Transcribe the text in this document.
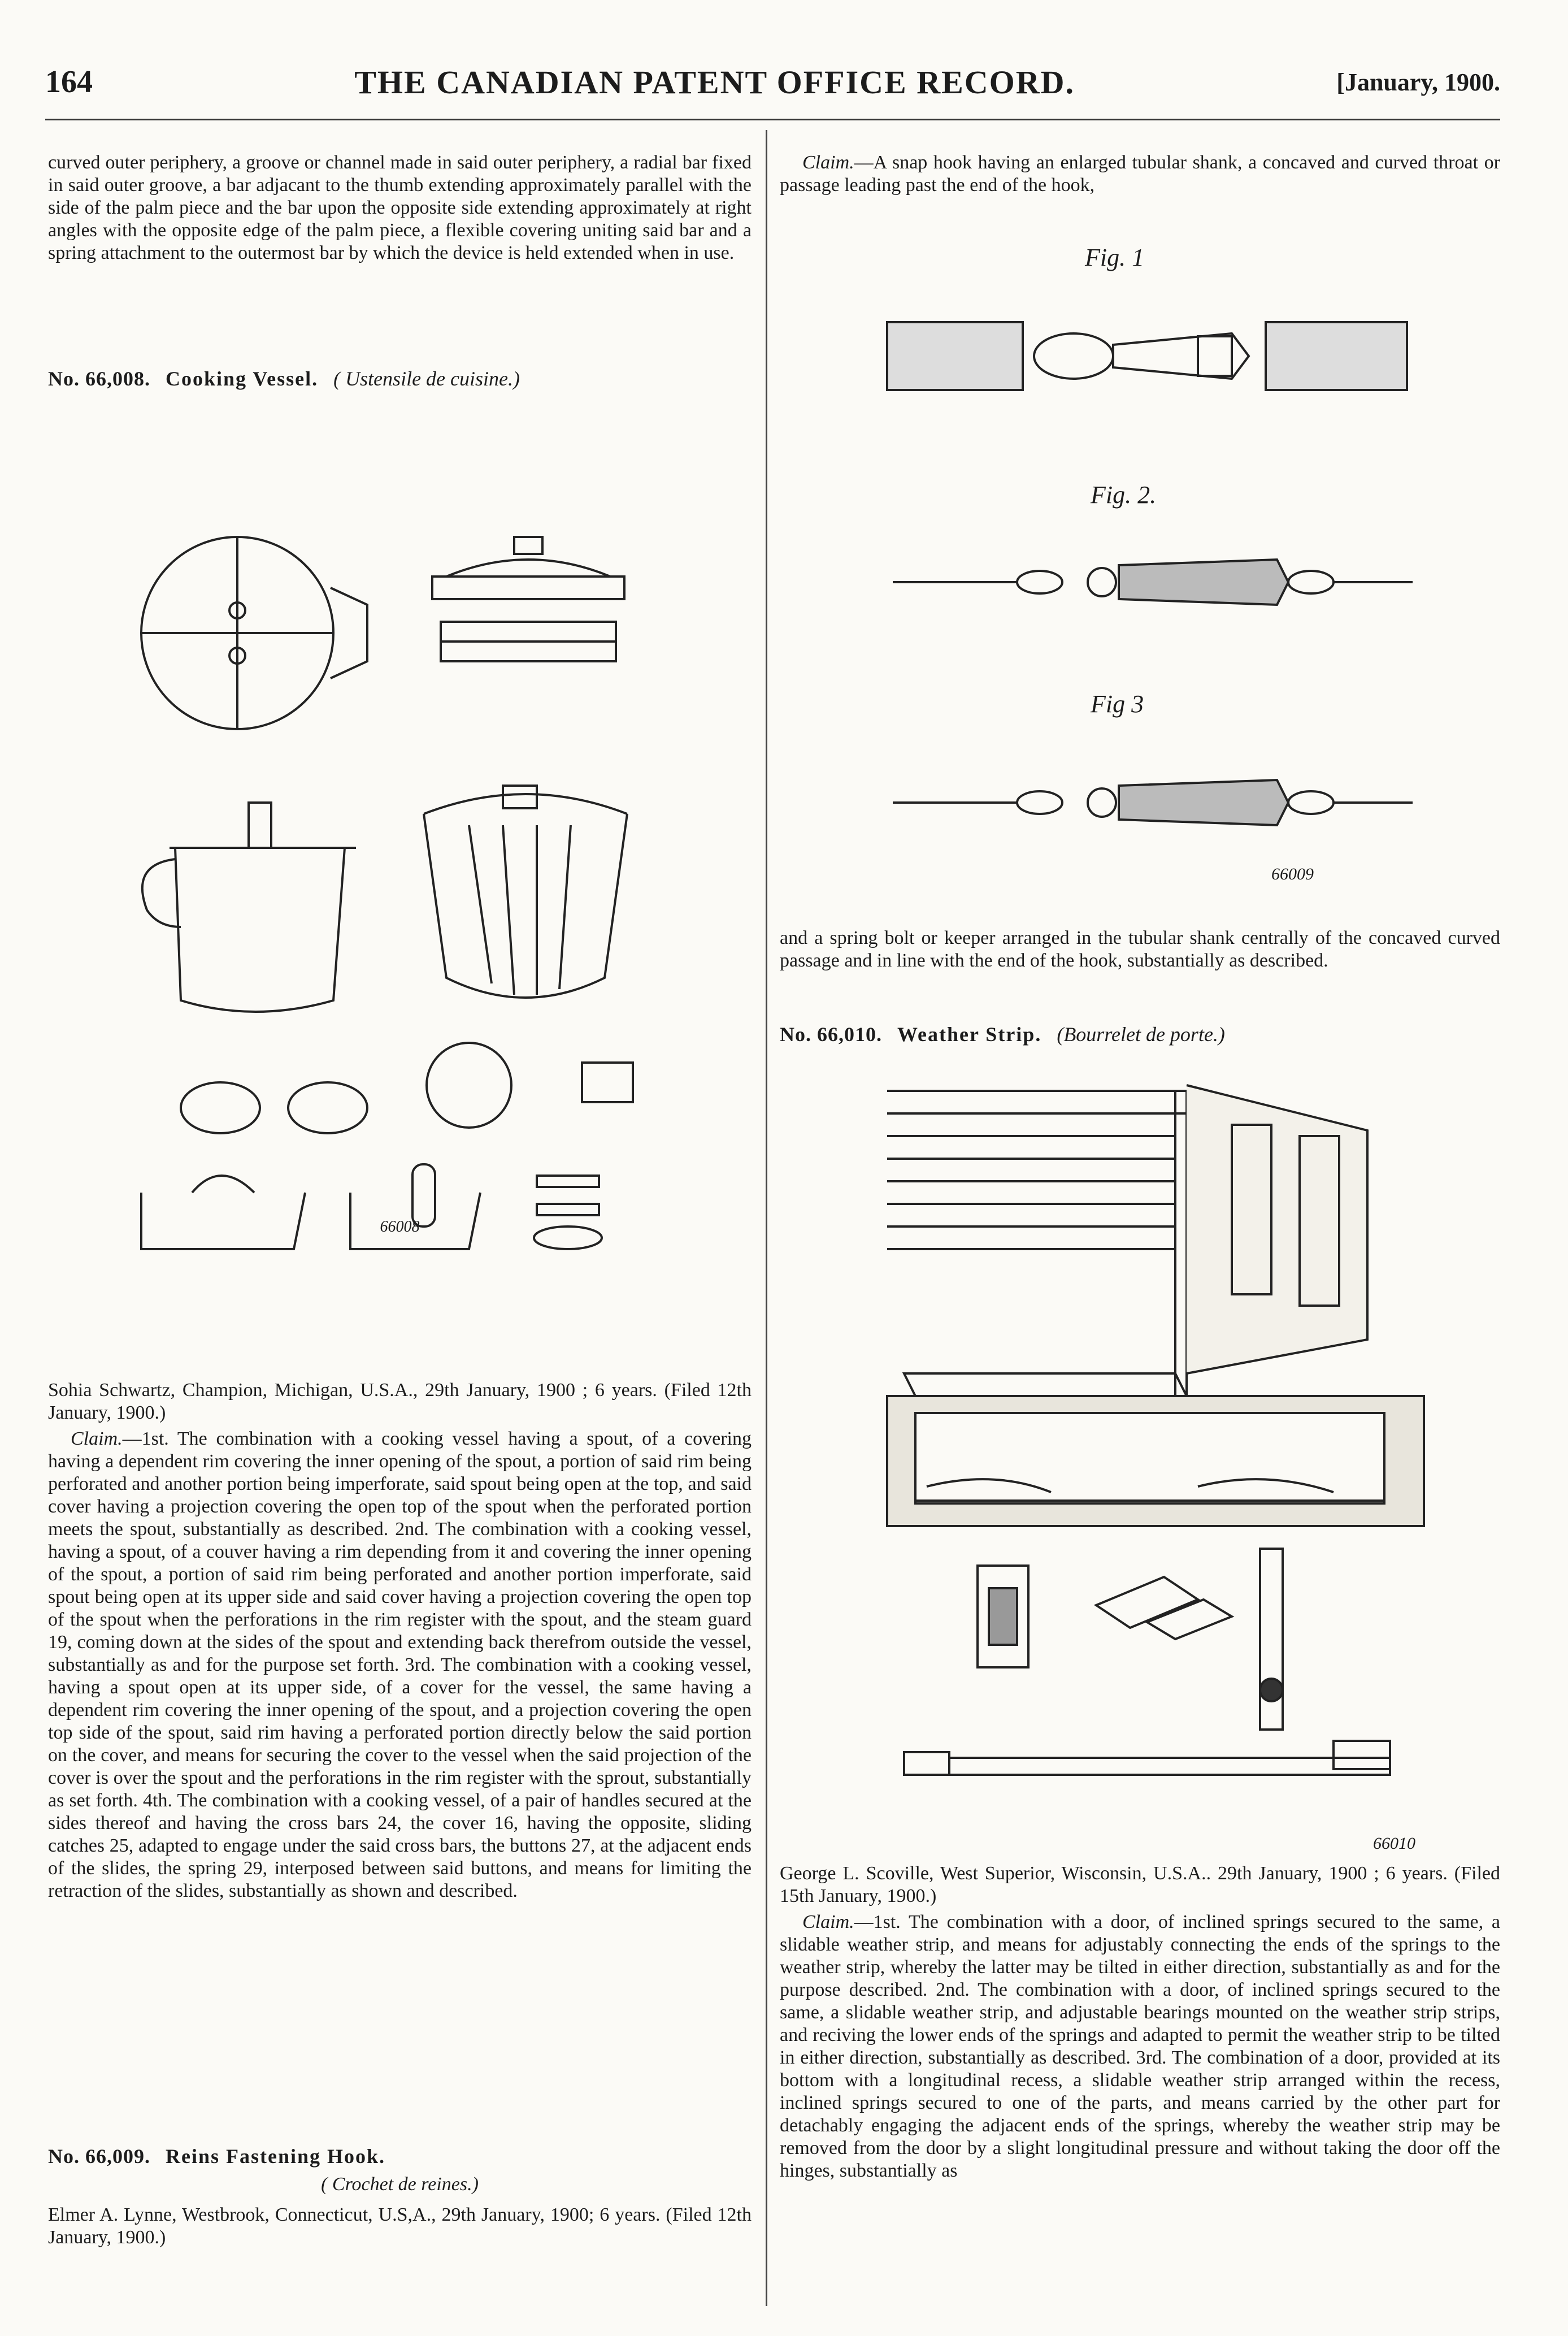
164	THE CANADIAN PATENT OFFICE RECORD.	[January, 1900.

curved outer periphery, a groove or channel made in said outer periphery, a radial bar fixed in said outer groove, a bar adjacant to the thumb extending approximately parallel with the side of the palm piece and the bar upon the opposite side extending approximately at right angles with the opposite edge of the palm piece, a flexible covering uniting said bar and a spring attachment to the outermost bar by which the device is held extended when in use.

No. 66,008. Cooking Vessel. ( Ustensile de cuisine.)

66008

Sohia Schwartz, Champion, Michigan, U.S.A., 29th January, 1900 ; 6 years. (Filed 12th January, 1900.)

Claim.—1st. The combination with a cooking vessel having a spout, of a covering having a dependent rim covering the inner opening of the spout, a portion of said rim being perforated and another portion being imperforate, said spout being open at the top, and said cover having a projection covering the open top of the spout when the perforated portion meets the spout, substantially as described. 2nd. The combination with a cooking vessel, having a spout, of a couver having a rim depending from it and covering the inner opening of the spout, a portion of said rim being perforated and another portion imperforate, said spout being open at its upper side and said cover having a projection covering the open top of the spout when the perforations in the rim register with the spout, and the steam guard 19, coming down at the sides of the spout and extending back therefrom outside the vessel, substantially as and for the purpose set forth. 3rd. The combination with a cooking vessel, having a spout open at its upper side, of a cover for the vessel, the same having a dependent rim covering the inner opening of the spout, and a projection covering the open top side of the spout, said rim having a perforated portion directly below the said portion on the cover, and means for securing the cover to the vessel when the said projection of the cover is over the spout and the perforations in the rim register with the sprout, substantially as set forth. 4th. The combination with a cooking vessel, of a pair of handles secured at the sides thereof and having the cross bars 24, the cover 16, having the opposite, sliding catches 25, adapted to engage under the said cross bars, the buttons 27, at the adjacent ends of the slides, the spring 29, interposed between said buttons, and means for limiting the retraction of the slides, substantially as shown and described.

No. 66,009. Reins Fastening Hook.

( Crochet de reines.)

Elmer A. Lynne, Westbrook, Connecticut, U.S,A., 29th January, 1900; 6 years. (Filed 12th January, 1900.)

Claim.—A snap hook having an enlarged tubular shank, a concaved and curved throat or passage leading past the end of the hook,

Fig. 1
Fig. 2.
Fig 3
66009

and a spring bolt or keeper arranged in the tubular shank centrally of the concaved curved passage and in line with the end of the hook, substantially as described.

No. 66,010. Weather Strip. (Bourrelet de porte.)

66010

George L. Scoville, West Superior, Wisconsin, U.S.A.. 29th January, 1900 ; 6 years. (Filed 15th January, 1900.)

Claim.—1st. The combination with a door, of inclined springs secured to the same, a slidable weather strip, and means for adjustably connecting the ends of the springs to the weather strip, whereby the latter may be tilted in either direction, substantially as and for the purpose described. 2nd. The combination with a door, of inclined springs secured to the same, a slidable weather strip, and adjustable bearings mounted on the weather strip strips, and reciving the lower ends of the springs and adapted to permit the weather strip to be tilted in either direction, substantially as described. 3rd. The combination of a door, provided at its bottom with a longitudinal recess, a slidable weather strip arranged within the recess, inclined springs secured to one of the parts, and means carried by the other part for detachably engaging the adjacent ends of the springs, whereby the weather strip may be removed from the door by a slight longitudinal pressure and without taking the door off the hinges, substantially as
